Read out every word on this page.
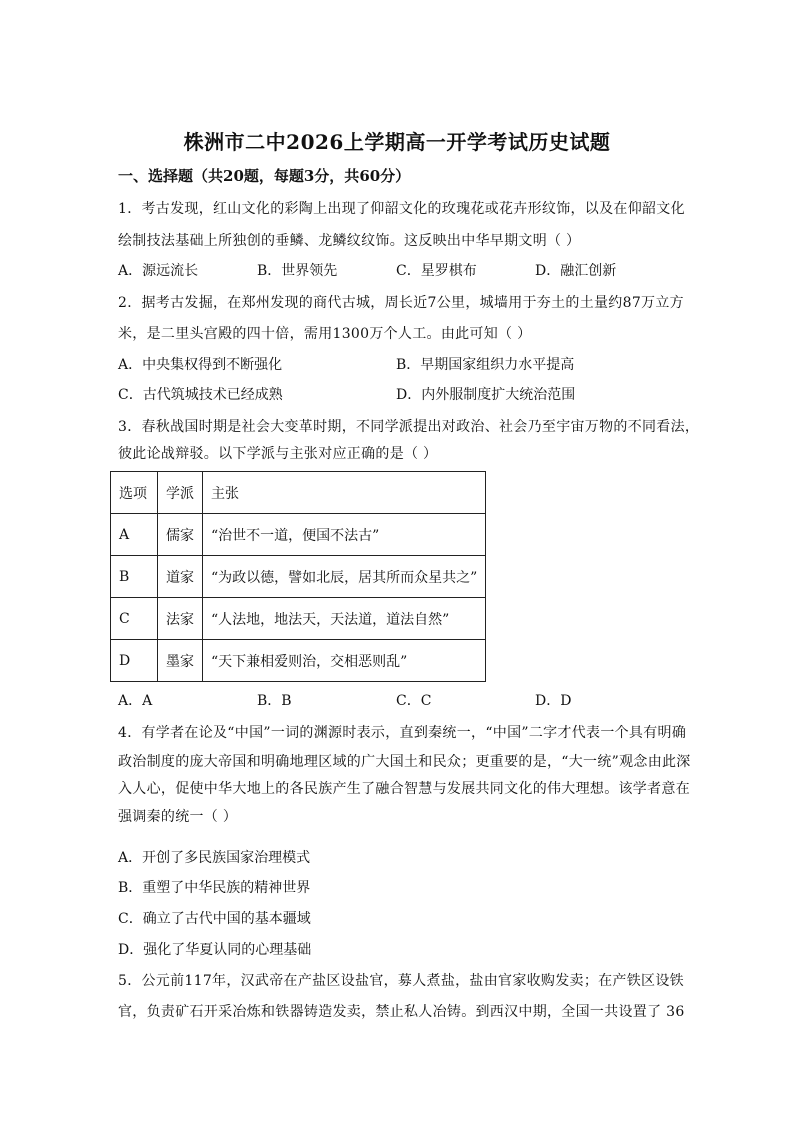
株洲市二中2026上学期高一开学考试历史试题
一、选择题（共20题，每题3分，共60分）
1．考古发现，红山文化的彩陶上出现了仰韶文化的玫瑰花或花卉形纹饰，以及在仰韶文化
绘制技法基础上所独创的垂鳞、龙鳞纹纹饰。这反映出中华早期文明（ ）
A．源远流长	B．世界领先	C．星罗棋布	D．融汇创新
2．据考古发掘，在郑州发现的商代古城，周长近7公里，城墙用于夯土的土量约87万立方
米，是二里头宫殿的四十倍，需用1300万个人工。由此可知（ ）
A．中央集权得到不断强化	B．早期国家组织力水平提高
C．古代筑城技术已经成熟	D．内外服制度扩大统治范围
3．春秋战国时期是社会大变革时期，不同学派提出对政治、社会乃至宇宙万物的不同看法，
彼此论战辩驳。以下学派与主张对应正确的是（ ）
选项	学派	主张
A	儒家	“治世不一道，便国不法古”
B	道家	“为政以德，譬如北辰，居其所而众星共之”
C	法家	“人法地，地法天，天法道，道法自然”
D	墨家	“天下兼相爱则治，交相恶则乱”
A．A	B．B	C．C	D．D
4．有学者在论及“中国”一词的渊源时表示，直到秦统一，“中国”二字才代表一个具有明确
政治制度的庞大帝国和明确地理区域的广大国土和民众；更重要的是，“大一统”观念由此深
入人心，促使中华大地上的各民族产生了融合智慧与发展共同文化的伟大理想。该学者意在
强调秦的统一（ ）
A．开创了多民族国家治理模式
B．重塑了中华民族的精神世界
C．确立了古代中国的基本疆域
D．强化了华夏认同的心理基础
5．公元前117年，汉武帝在产盐区设盐官，募人煮盐，盐由官家收购发卖；在产铁区设铁
官，负责矿石开采冶炼和铁器铸造发卖，禁止私人冶铸。到西汉中期，全国一共设置了 36
